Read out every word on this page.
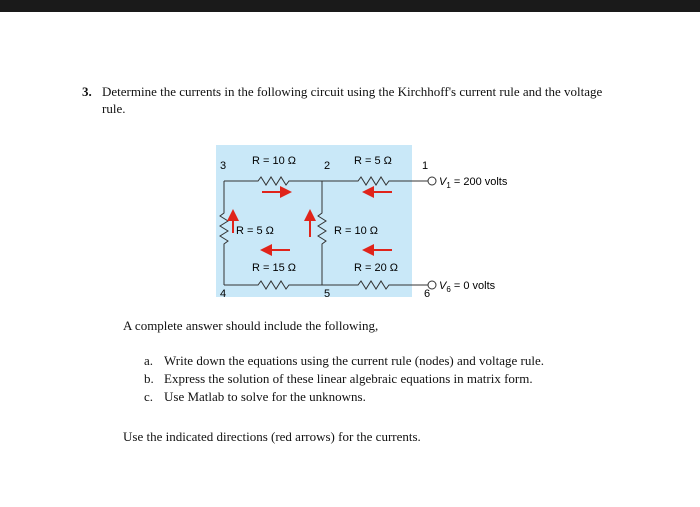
3. Determine the currents in the following circuit using the Kirchhoff's current rule and the voltage rule.
3	2	1
4	5	6
R = 10 Ω	R = 5 Ω
R = 5 Ω	R = 10 Ω
R = 15 Ω	R = 20 Ω
$V_1 = 200$ volts
$V_6 = 0$ volts
A complete answer should include the following,
a. Write down the equations using the current rule (nodes) and voltage rule.
b. Express the solution of these linear algebraic equations in matrix form.
c. Use Matlab to solve for the unknowns.
Use the indicated directions (red arrows) for the currents.
